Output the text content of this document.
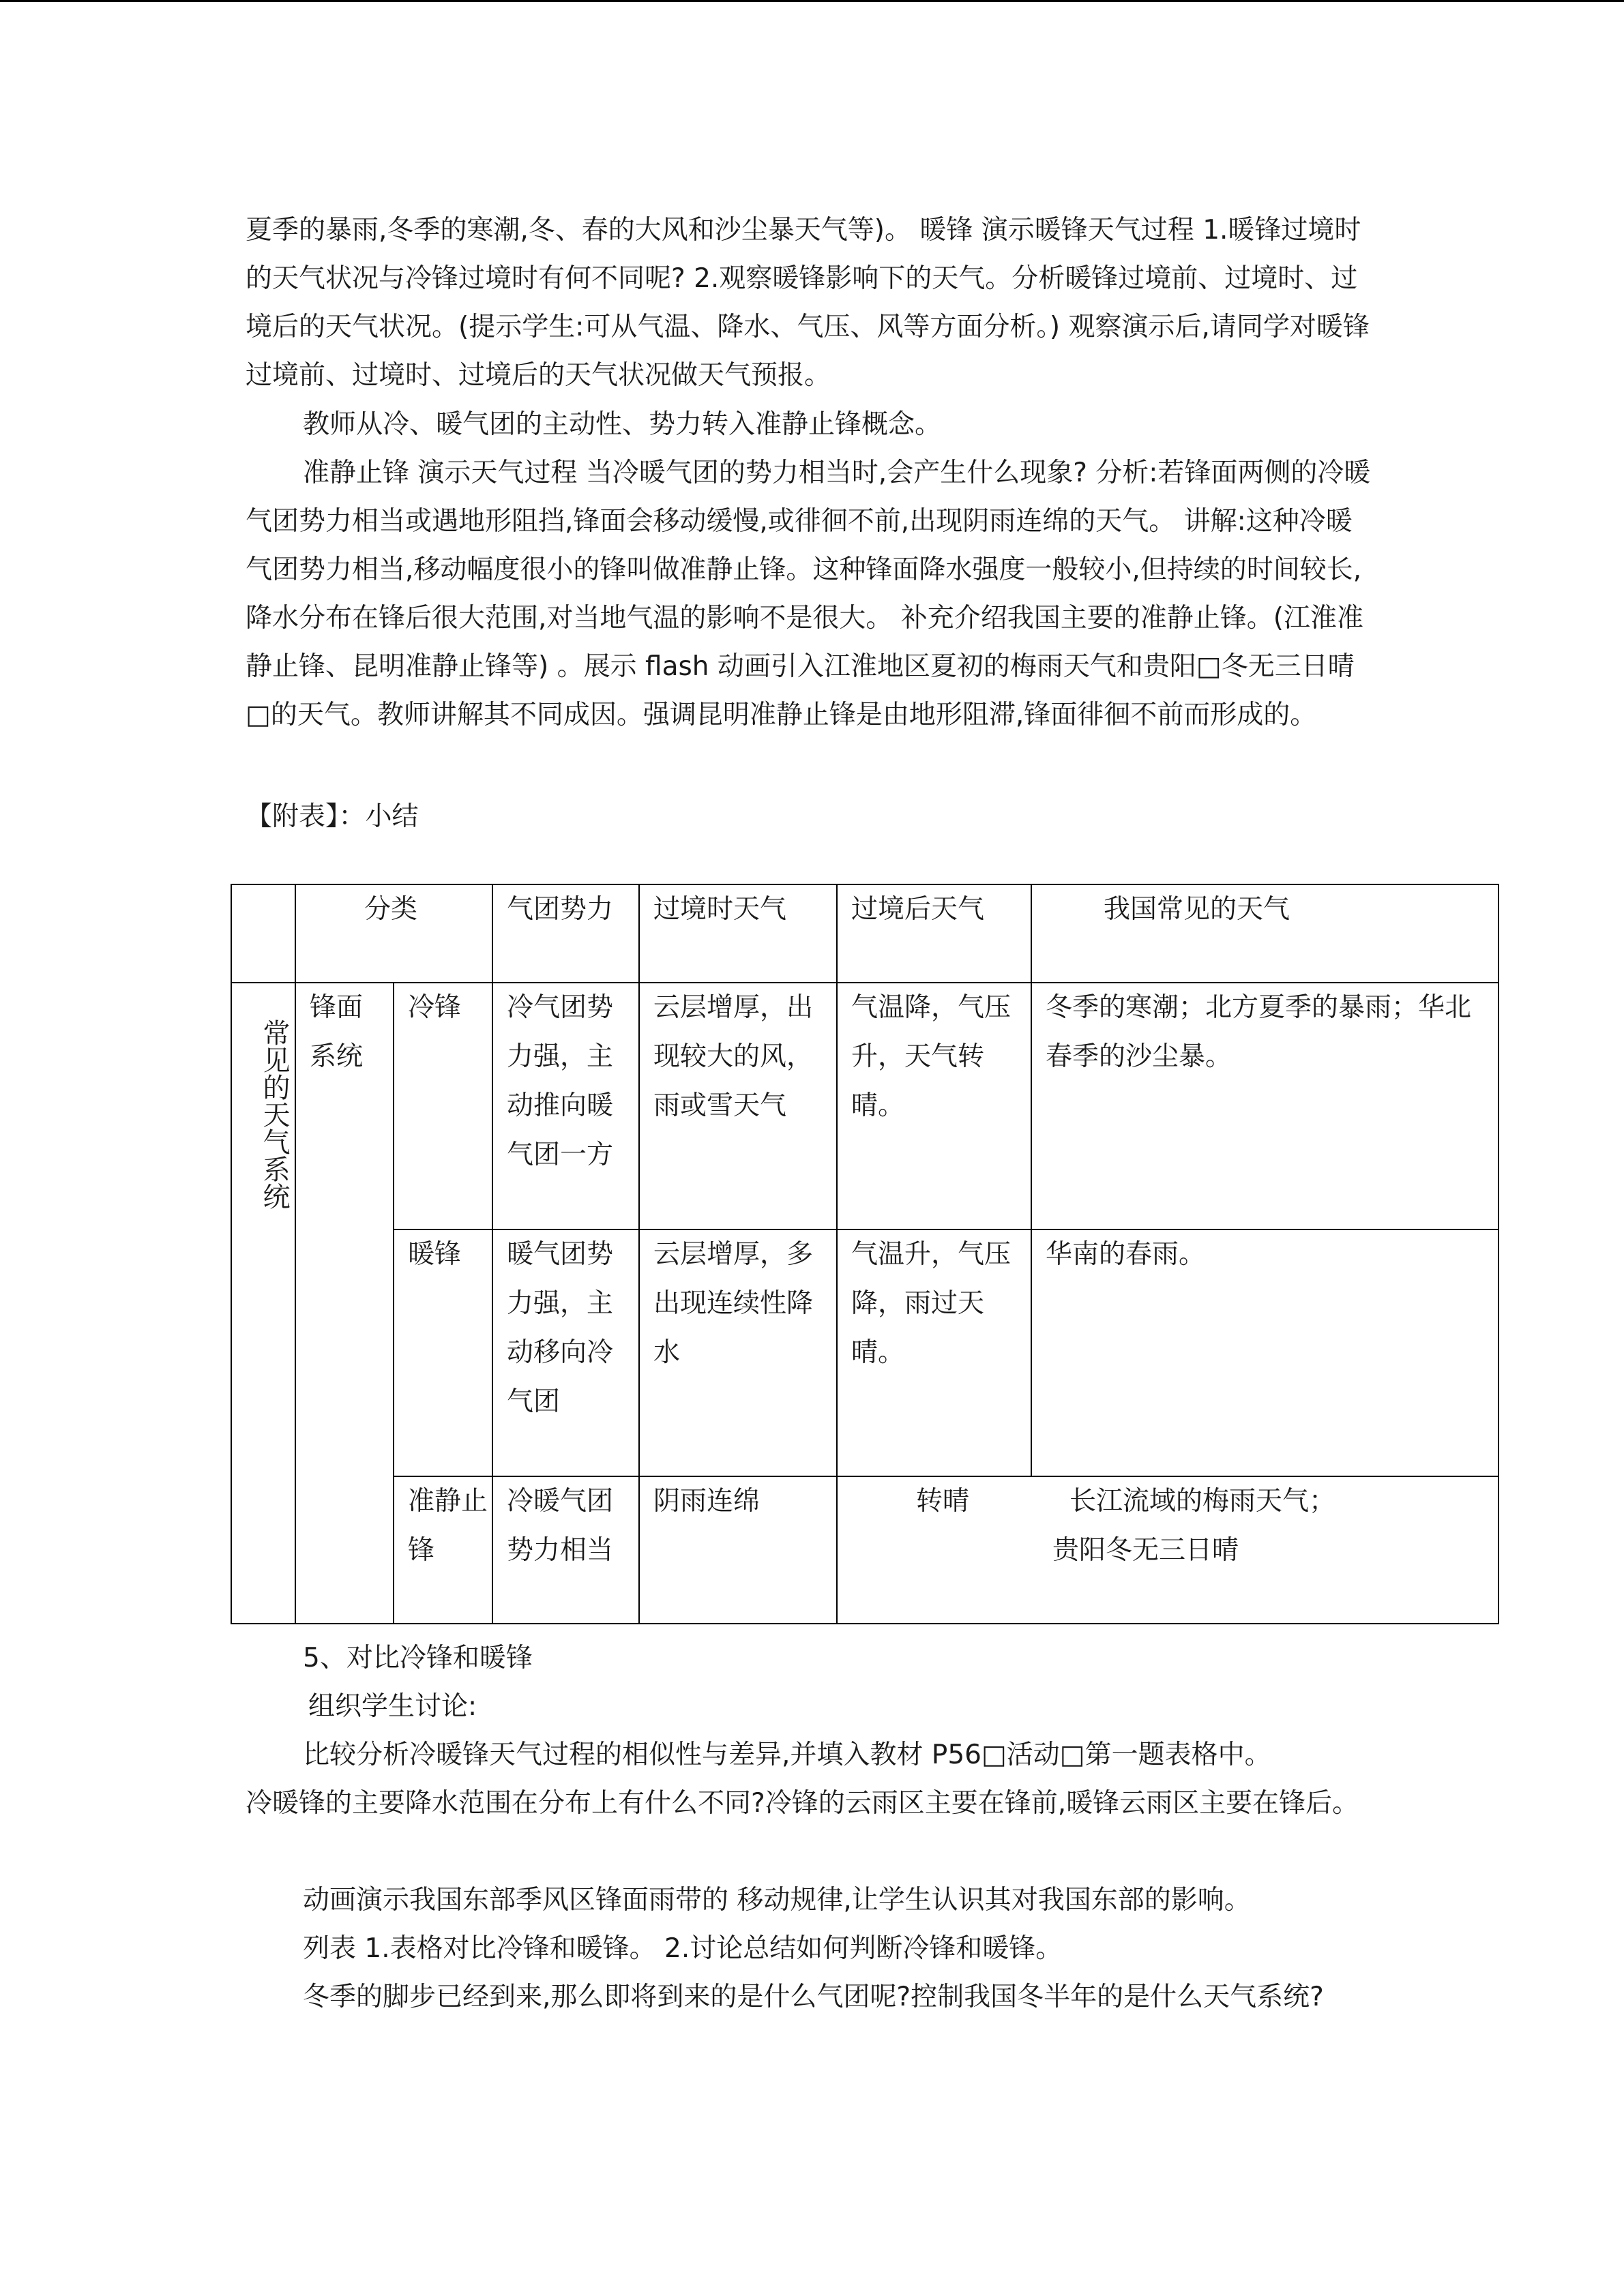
夏季的暴雨,冬季的寒潮,冬、春的大风和沙尘暴天气等)。 暖锋 演示暖锋天气过程 1.暖锋过境时的天气状况与冷锋过境时有何不同呢? 2.观察暖锋影响下的天气。分析暖锋过境前、过境时、过境后的天气状况。(提示学生:可从气温、降水、气压、风等方面分析。) 观察演示后,请同学对暖锋过境前、过境时、过境后的天气状况做天气预报。

教师从冷、暖气团的主动性、势力转入准静止锋概念。

准静止锋 演示天气过程 当冷暖气团的势力相当时,会产生什么现象? 分析:若锋面两侧的冷暖气团势力相当或遇地形阻挡,锋面会移动缓慢,或徘徊不前,出现阴雨连绵的天气。 讲解:这种冷暖气团势力相当,移动幅度很小的锋叫做准静止锋。这种锋面降水强度一般较小,但持续的时间较长,降水分布在锋后很大范围,对当地气温的影响不是很大。 补充介绍我国主要的准静止锋。(江淮准静止锋、昆明准静止锋等) 。展示 flash 动画引入江淮地区夏初的梅雨天气和贵阳□冬无三日晴□的天气。教师讲解其不同成因。强调昆明准静止锋是由地形阻滞,锋面徘徊不前而形成的。

【附表】：小结
	分类		气团势力	过境时天气	过境后天气	我国常见的天气
常见的天气系统	锋面系统	冷锋	冷气团势力强，主动推向暖气团一方	云层增厚，出现较大的风，雨或雪天气	气温降，气压升，天气转晴。	冬季的寒潮；北方夏季的暴雨；华北春季的沙尘暴。
		暖锋	暖气团势力强，主动移向冷气团	云层增厚，多出现连续性降水	气温升，气压降，雨过天晴。	华南的春雨。
		准静止锋	冷暖气团势力相当	阴雨连绵	转晴 长江流域的梅雨天气；
贵阳冬无三日晴	
5、对比冷锋和暖锋
组织学生讨论:
比较分析冷暖锋天气过程的相似性与差异,并填入教材 P56□活动□第一题表格中。

冷暖锋的主要降水范围在分布上有什么不同?冷锋的云雨区主要在锋前,暖锋云雨区主要在锋后。

动画演示我国东部季风区锋面雨带的 移动规律,让学生认识其对我国东部的影响。
列表 1.表格对比冷锋和暖锋。 2.讨论总结如何判断冷锋和暖锋。

冬季的脚步已经到来,那么即将到来的是什么气团呢?控制我国冬半年的是什么天气系统?
